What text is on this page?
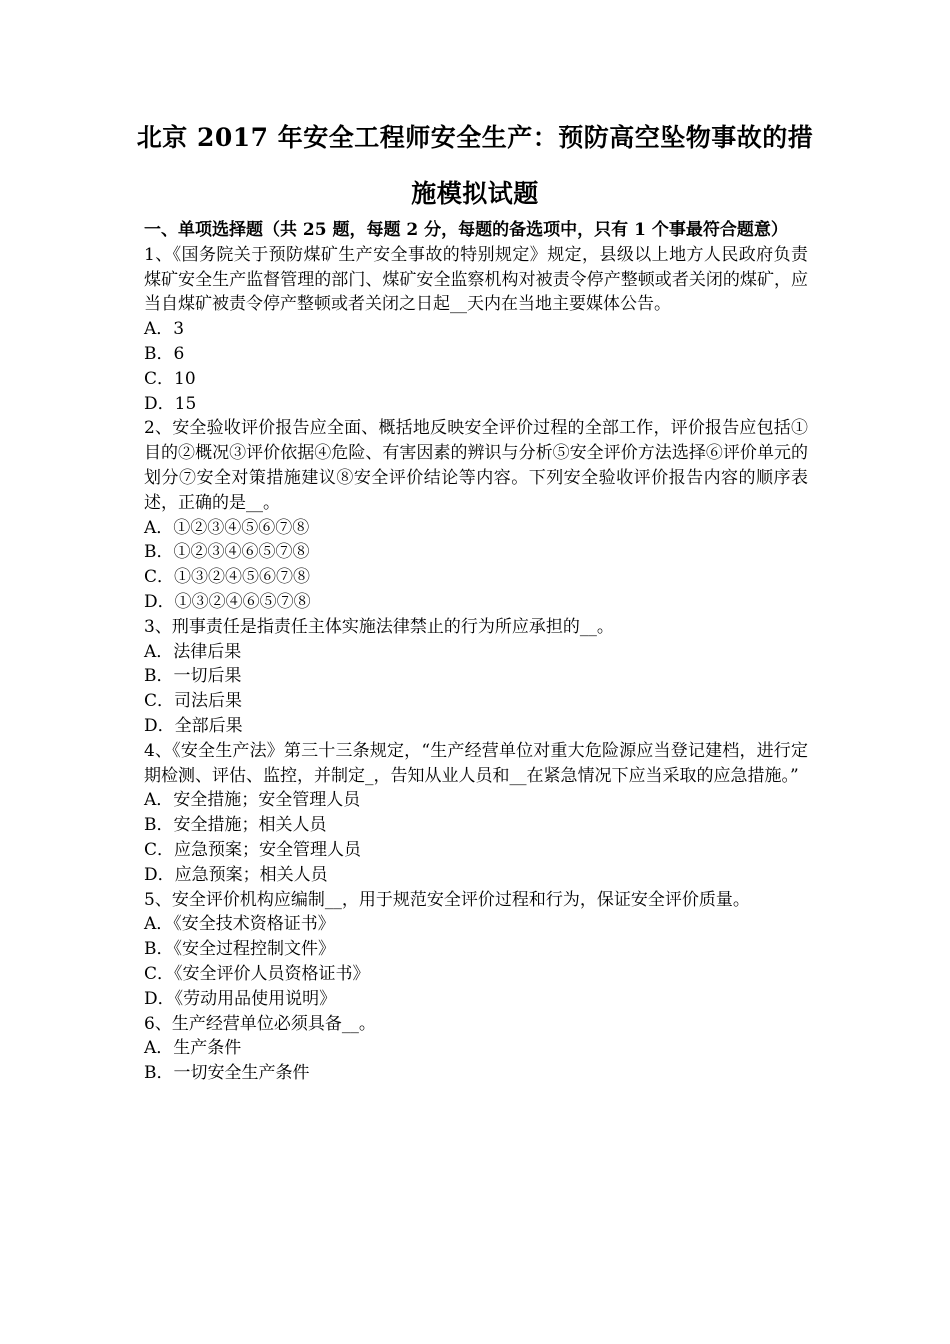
北京 2017 年安全工程师安全生产：预防高空坠物事故的措
施模拟试题
一、单项选择题（共 25 题，每题 2 分，每题的备选项中，只有 1 个事最符合题意）
1、《国务院关于预防煤矿生产安全事故的特别规定》规定，县级以上地方人民政府负责煤矿安全生产监督管理的部门、煤矿安全监察机构对被责令停产整顿或者关闭的煤矿，应当自煤矿被责令停产整顿或者关闭之日起__天内在当地主要媒体公告。
A．3
B．6
C．10
D．15
2、安全验收评价报告应全面、概括地反映安全评价过程的全部工作，评价报告应包括①目的②概况③评价依据④危险、有害因素的辨识与分析⑤安全评价方法选择⑥评价单元的划分⑦安全对策措施建议⑧安全评价结论等内容。下列安全验收评价报告内容的顺序表述，正确的是__。
A．①②③④⑤⑥⑦⑧
B．①②③④⑥⑤⑦⑧
C．①③②④⑤⑥⑦⑧
D．①③②④⑥⑤⑦⑧
3、刑事责任是指责任主体实施法律禁止的行为所应承担的__。
A．法律后果
B．一切后果
C．司法后果
D．全部后果
4、《安全生产法》第三十三条规定，“生产经营单位对重大危险源应当登记建档，进行定期检测、评估、监控，并制定_，告知从业人员和__在紧急情况下应当采取的应急措施。”
A．安全措施；安全管理人员
B．安全措施；相关人员
C．应急预案；安全管理人员
D．应急预案；相关人员
5、安全评价机构应编制__，用于规范安全评价过程和行为，保证安全评价质量。
A．《安全技术资格证书》
B．《安全过程控制文件》
C．《安全评价人员资格证书》
D．《劳动用品使用说明》
6、生产经营单位必须具备__。
A．生产条件
B．一切安全生产条件
